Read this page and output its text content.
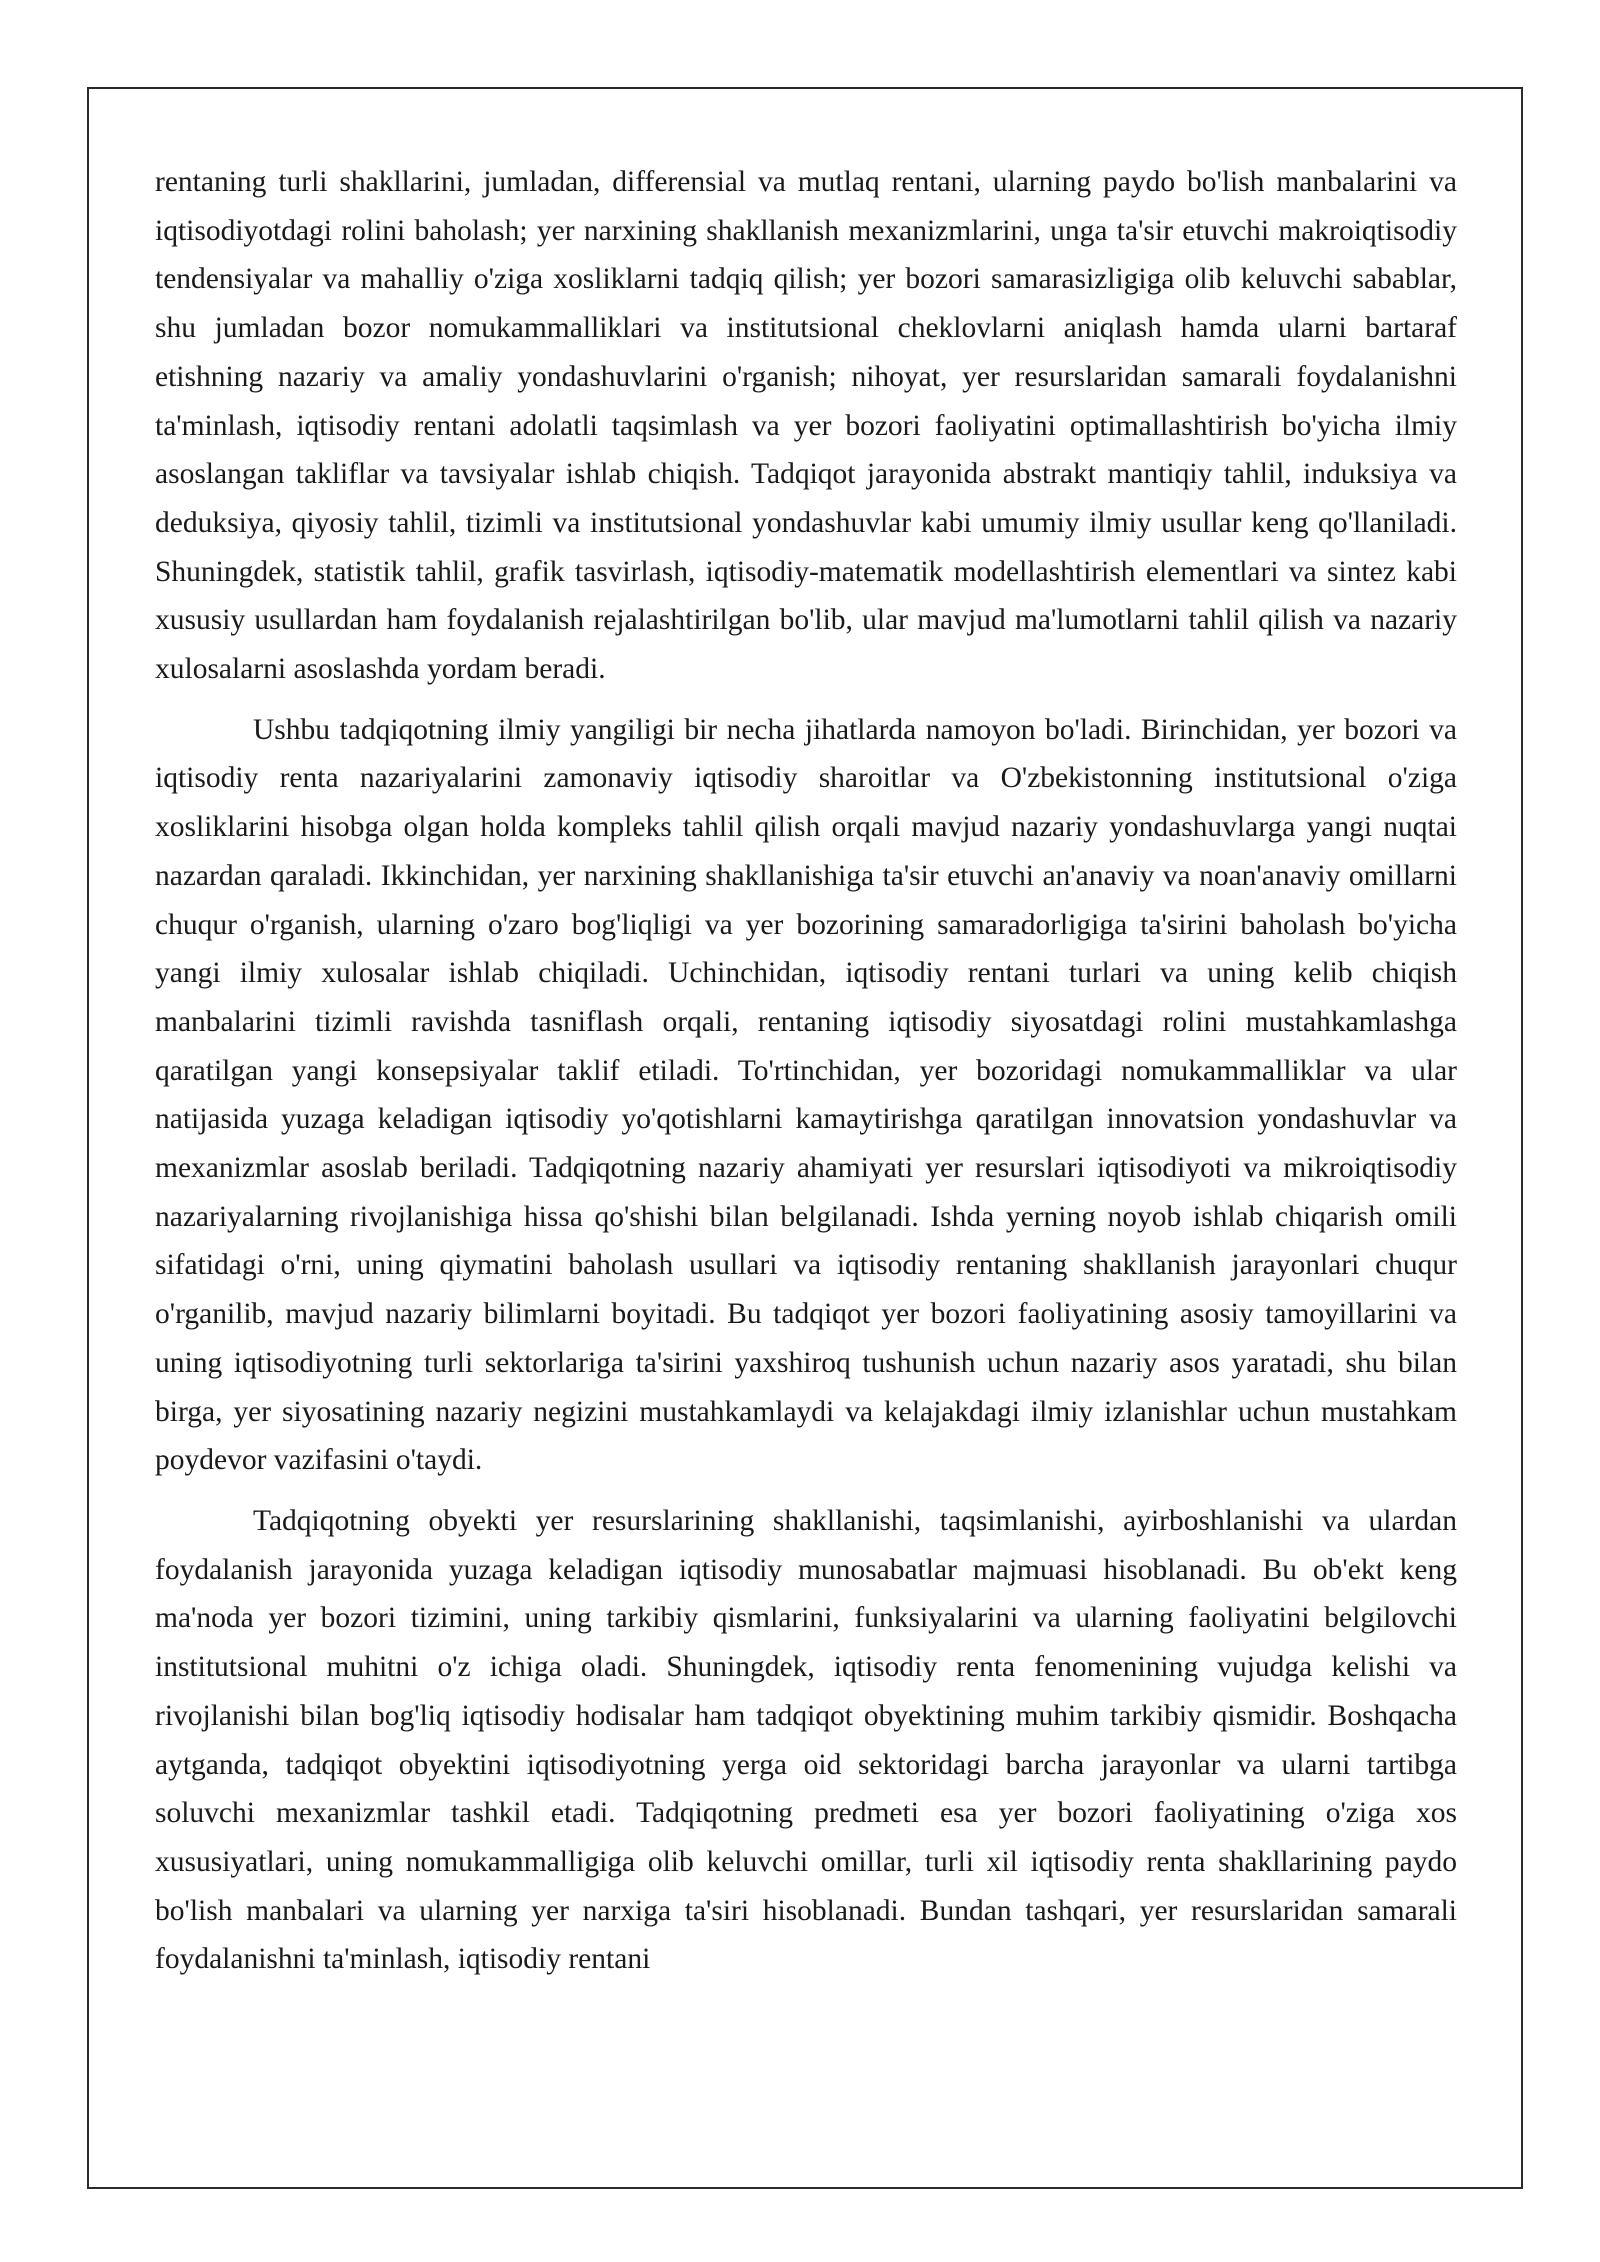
rentaning turli shakllarini, jumladan, differensial va mutlaq rentani, ularning paydo bo'lish manbalarini va iqtisodiyotdagi rolini baholash; yer narxining shakllanish mexanizmlarini, unga ta'sir etuvchi makroiqtisodiy tendensiyalar va mahalliy o'ziga xosliklarni tadqiq qilish; yer bozori samarasizligiga olib keluvchi sabablar, shu jumladan bozor nomukammalliklari va institutsional cheklovlarni aniqlash hamda ularni bartaraf etishning nazariy va amaliy yondashuvlarini o'rganish; nihoyat, yer resurslaridan samarali foydalanishni ta'minlash, iqtisodiy rentani adolatli taqsimlash va yer bozori faoliyatini optimallashtirish bo'yicha ilmiy asoslangan takliflar va tavsiyalar ishlab chiqish. Tadqiqot jarayonida abstrakt mantiqiy tahlil, induksiya va deduksiya, qiyosiy tahlil, tizimli va institutsional yondashuvlar kabi umumiy ilmiy usullar keng qo'llaniladi. Shuningdek, statistik tahlil, grafik tasvirlash, iqtisodiy-matematik modellashtirish elementlari va sintez kabi xususiy usullardan ham foydalanish rejalashtirilgan bo'lib, ular mavjud ma'lumotlarni tahlil qilish va nazariy xulosalarni asoslashda yordam beradi.

Ushbu tadqiqotning ilmiy yangiligi bir necha jihatlarda namoyon bo'ladi. Birinchidan, yer bozori va iqtisodiy renta nazariyalarini zamonaviy iqtisodiy sharoitlar va O'zbekistonning institutsional o'ziga xosliklarini hisobga olgan holda kompleks tahlil qilish orqali mavjud nazariy yondashuvlarga yangi nuqtai nazardan qaraladi. Ikkinchidan, yer narxining shakllanishiga ta'sir etuvchi an'anaviy va noan'anaviy omillarni chuqur o'rganish, ularning o'zaro bog'liqligi va yer bozorining samaradorligiga ta'sirini baholash bo'yicha yangi ilmiy xulosalar ishlab chiqiladi. Uchinchidan, iqtisodiy rentani turlari va uning kelib chiqish manbalarini tizimli ravishda tasniflash orqali, rentaning iqtisodiy siyosatdagi rolini mustahkamlashga qaratilgan yangi konsepsiyalar taklif etiladi. To'rtinchidan, yer bozoridagi nomukammalliklar va ular natijasida yuzaga keladigan iqtisodiy yo'qotishlarni kamaytirishga qaratilgan innovatsion yondashuvlar va mexanizmlar asoslab beriladi. Tadqiqotning nazariy ahamiyati yer resurslari iqtisodiyoti va mikroiqtisodiy nazariyalarning rivojlanishiga hissa qo'shishi bilan belgilanadi. Ishda yerning noyob ishlab chiqarish omili sifatidagi o'rni, uning qiymatini baholash usullari va iqtisodiy rentaning shakllanish jarayonlari chuqur o'rganilib, mavjud nazariy bilimlarni boyitadi. Bu tadqiqot yer bozori faoliyatining asosiy tamoyillarini va uning iqtisodiyotning turli sektorlariga ta'sirini yaxshiroq tushunish uchun nazariy asos yaratadi, shu bilan birga, yer siyosatining nazariy negizini mustahkamlaydi va kelajakdagi ilmiy izlanishlar uchun mustahkam poydevor vazifasini o'taydi.

Tadqiqotning obyekti yer resurslarining shakllanishi, taqsimlanishi, ayirboshlanishi va ulardan foydalanish jarayonida yuzaga keladigan iqtisodiy munosabatlar majmuasi hisoblanadi. Bu ob'ekt keng ma'noda yer bozori tizimini, uning tarkibiy qismlarini, funksiyalarini va ularning faoliyatini belgilovchi institutsional muhitni o'z ichiga oladi. Shuningdek, iqtisodiy renta fenomenining vujudga kelishi va rivojlanishi bilan bog'liq iqtisodiy hodisalar ham tadqiqot obyektining muhim tarkibiy qismidir. Boshqacha aytganda, tadqiqot obyektini iqtisodiyotning yerga oid sektoridagi barcha jarayonlar va ularni tartibga soluvchi mexanizmlar tashkil etadi. Tadqiqotning predmeti esa yer bozori faoliyatining o'ziga xos xususiyatlari, uning nomukammalligiga olib keluvchi omillar, turli xil iqtisodiy renta shakllarining paydo bo'lish manbalari va ularning yer narxiga ta'siri hisoblanadi. Bundan tashqari, yer resurslaridan samarali foydalanishni ta'minlash, iqtisodiy rentani
